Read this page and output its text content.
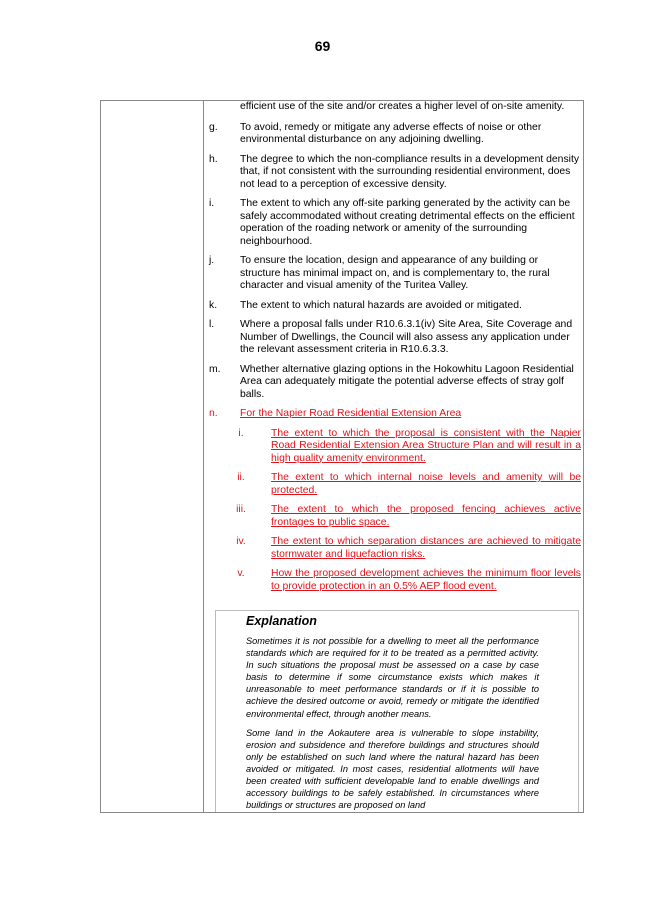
69
efficient use of the site and/or creates a higher level of on-site amenity.
g.	To avoid, remedy or mitigate any adverse effects of noise or other environmental disturbance on any adjoining dwelling.
h.	The degree to which the non-compliance results in a development density that, if not consistent with the surrounding residential environment, does not lead to a perception of excessive density.
i.	The extent to which any off-site parking generated by the activity can be safely accommodated without creating detrimental effects on the efficient operation of the roading network or amenity of the surrounding neighbourhood.
j.	To ensure the location, design and appearance of any building or structure has minimal impact on, and is complementary to, the rural character and visual amenity of the Turitea Valley.
k.	The extent to which natural hazards are avoided or mitigated.
l.	Where a proposal falls under R10.6.3.1(iv) Site Area, Site Coverage and Number of Dwellings, the Council will also assess any application under the relevant assessment criteria in R10.6.3.3.
m.	Whether alternative glazing options in the Hokowhitu Lagoon Residential Area can adequately mitigate the potential adverse effects of stray golf balls.
n.	For the Napier Road Residential Extension Area
i.	The extent to which the proposal is consistent with the Napier Road Residential Extension Area Structure Plan and will result in a high quality amenity environment.
ii.	The extent to which internal noise levels and amenity will be protected.
iii.	The extent to which the proposed fencing achieves active frontages to public space.
iv.	The extent to which separation distances are achieved to mitigate stormwater and liquefaction risks.
v.	How the proposed development achieves the minimum floor levels to provide protection in an 0.5% AEP flood event.
Explanation

Sometimes it is not possible for a dwelling to meet all the performance standards which are required for it to be treated as a permitted activity. In such situations the proposal must be assessed on a case by case basis to determine if some circumstance exists which makes it unreasonable to meet performance standards or if it is possible to achieve the desired outcome or avoid, remedy or mitigate the identified environmental effect, through another means.

Some land in the Aokautere area is vulnerable to slope instability, erosion and subsidence and therefore buildings and structures should only be established on such land where the natural hazard has been avoided or mitigated. In most cases, residential allotments will have been created with sufficient developable land to enable dwellings and accessory buildings to be safely established. In circumstances where buildings or structures are proposed on land
